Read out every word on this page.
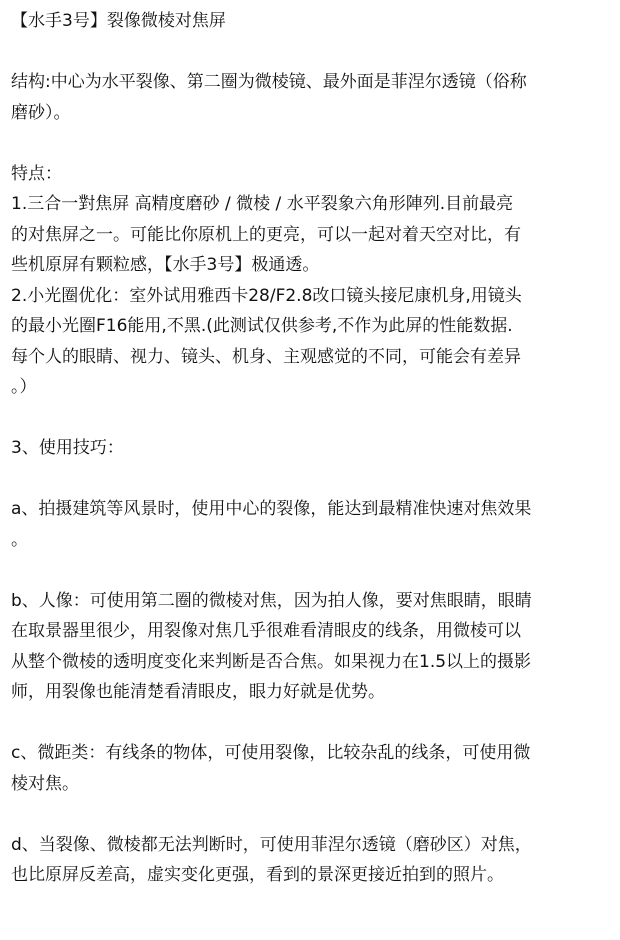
【水手3号】裂像微棱对焦屏
结构:中心为水平裂像、第二圈为微棱镜、最外面是菲涅尔透镜（俗称
磨砂）。
特点：
1.三合一對焦屏 高精度磨砂 / 微棱 / 水平裂象六角形陣列.目前最亮
的对焦屏之一。可能比你原机上的更亮，可以一起对着天空对比，有
些机原屏有颗粒感，【水手3号】极通透。
2.小光圈优化：室外试用雅西卡28/F2.8改口镜头接尼康机身,用镜头
的最小光圈F16能用,不黑.(此测试仅供参考,不作为此屏的性能数据.
每个人的眼睛、视力、镜头、机身、主观感觉的不同，可能会有差异
。）
3、使用技巧：
a、拍摄建筑等风景时，使用中心的裂像，能达到最精准快速对焦效果
。
b、人像：可使用第二圈的微棱对焦，因为拍人像，要对焦眼睛，眼睛
在取景器里很少，用裂像对焦几乎很难看清眼皮的线条，用微棱可以
从整个微棱的透明度变化来判断是否合焦。如果视力在1.5以上的摄影
师，用裂像也能清楚看清眼皮，眼力好就是优势。
c、微距类：有线条的物体，可使用裂像，比较杂乱的线条，可使用微
棱对焦。
d、当裂像、微棱都无法判断时，可使用菲涅尔透镜（磨砂区）对焦，
也比原屏反差高，虚实变化更强，看到的景深更接近拍到的照片。
